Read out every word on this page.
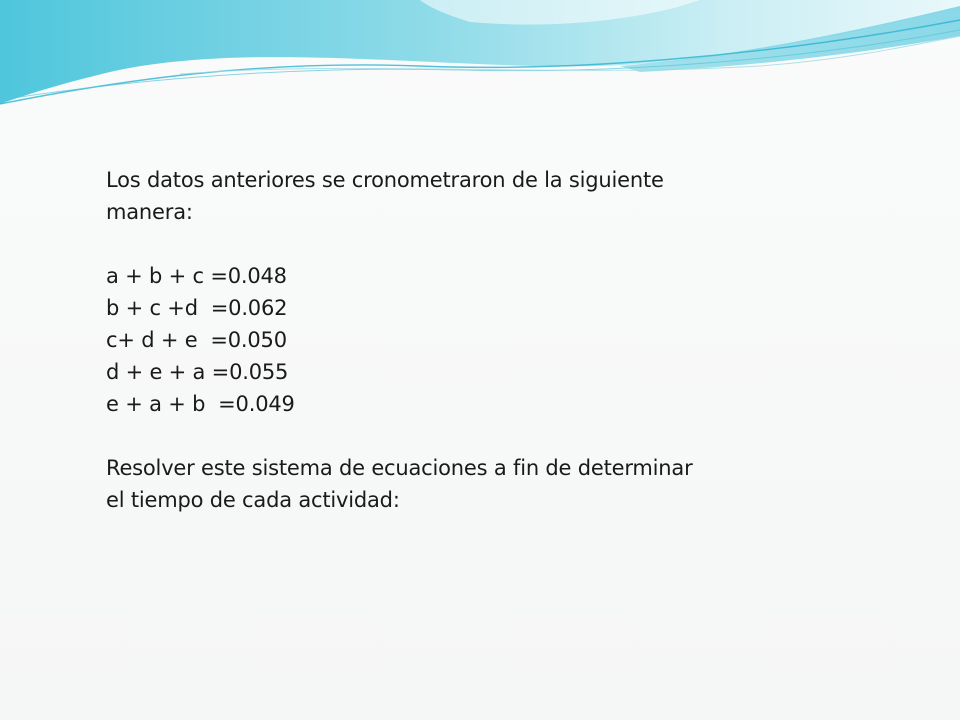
Los datos anteriores se cronometraron de la siguiente
manera:
a + b + c =0.048
b + c +d  =0.062
c+ d + e  =0.050
d + e + a =0.055
e + a + b  =0.049
Resolver este sistema de ecuaciones a fin de determinar
el tiempo de cada actividad:
